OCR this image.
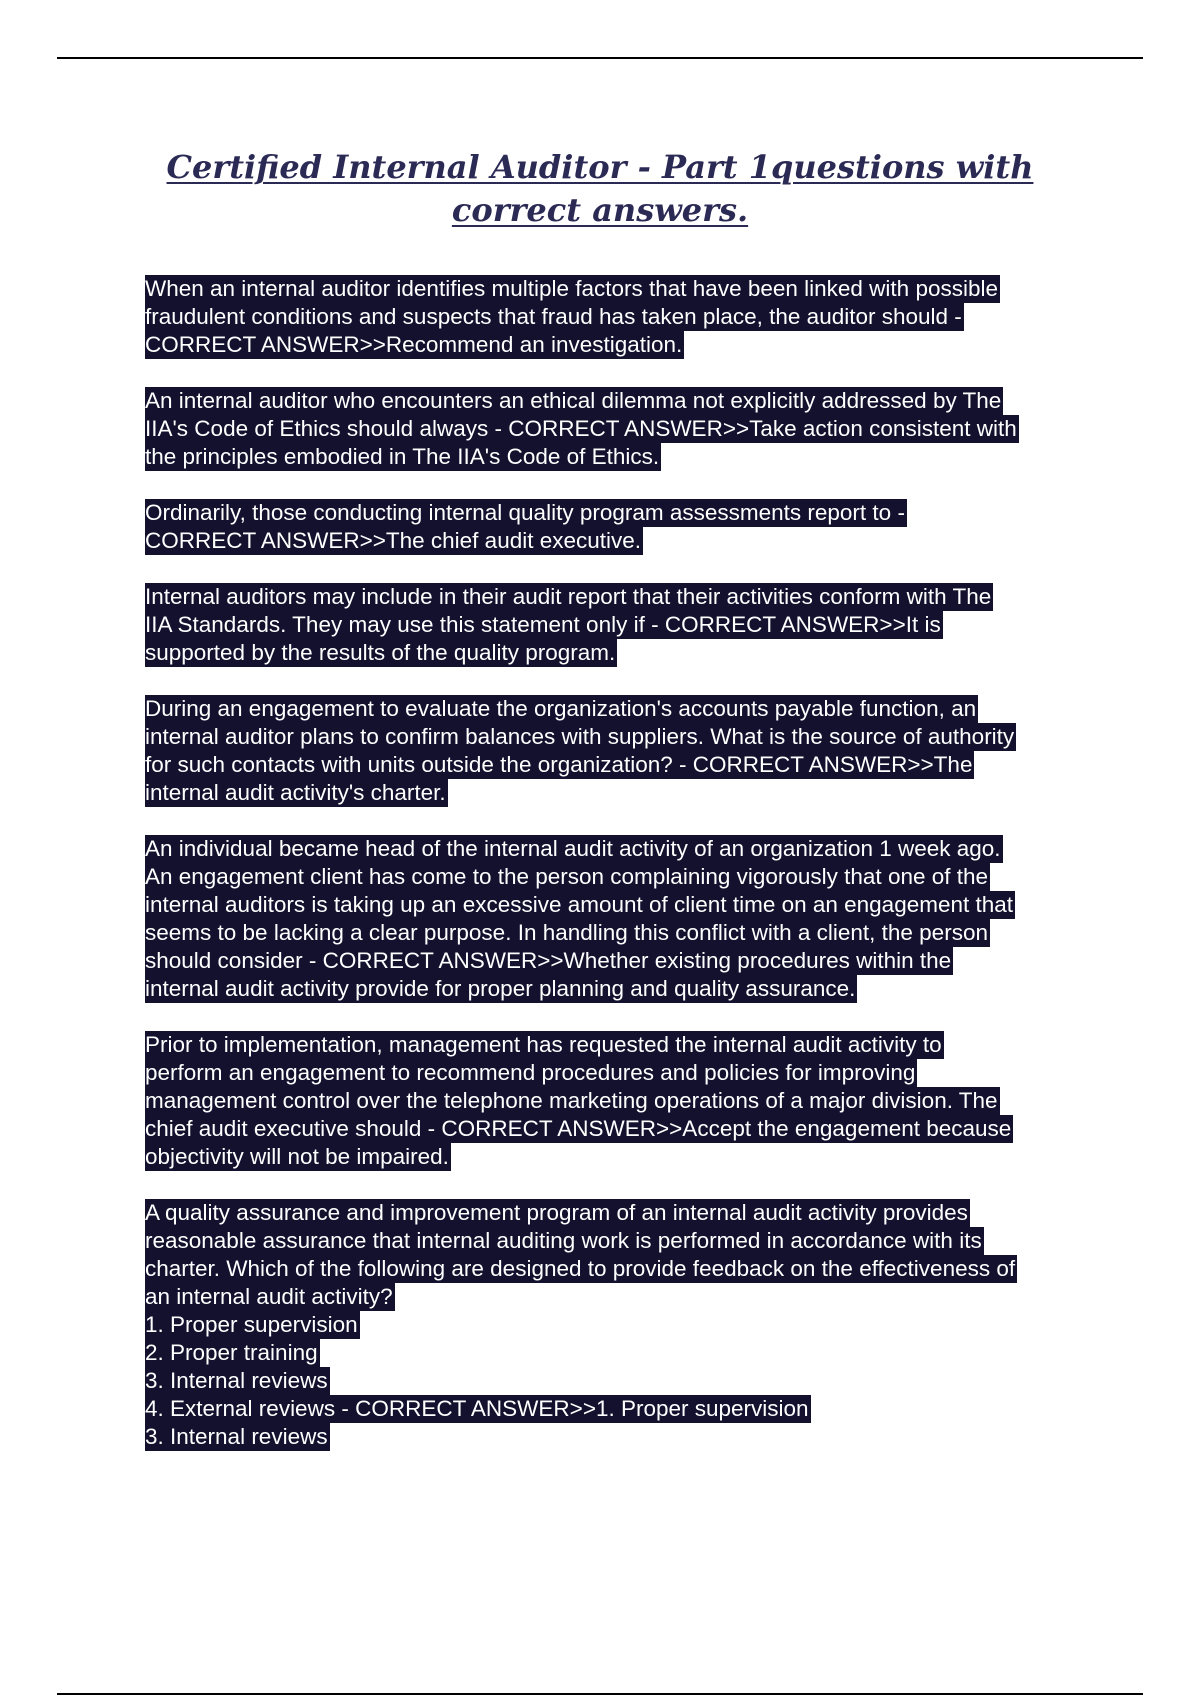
Certified Internal Auditor - Part 1questions with correct answers.
When an internal auditor identifies multiple factors that have been linked with possible
fraudulent conditions and suspects that fraud has taken place, the auditor should -
CORRECT ANSWER>>Recommend an investigation.
An internal auditor who encounters an ethical dilemma not explicitly addressed by The
IIA's Code of Ethics should always - CORRECT ANSWER>>Take action consistent with
the principles embodied in The IIA's Code of Ethics.
Ordinarily, those conducting internal quality program assessments report to -
CORRECT ANSWER>>The chief audit executive.
Internal auditors may include in their audit report that their activities conform with The
IIA Standards. They may use this statement only if - CORRECT ANSWER>>It is
supported by the results of the quality program.
During an engagement to evaluate the organization's accounts payable function, an
internal auditor plans to confirm balances with suppliers. What is the source of authority
for such contacts with units outside the organization? - CORRECT ANSWER>>The
internal audit activity's charter.
An individual became head of the internal audit activity of an organization 1 week ago.
An engagement client has come to the person complaining vigorously that one of the
internal auditors is taking up an excessive amount of client time on an engagement that
seems to be lacking a clear purpose. In handling this conflict with a client, the person
should consider - CORRECT ANSWER>>Whether existing procedures within the
internal audit activity provide for proper planning and quality assurance.
Prior to implementation, management has requested the internal audit activity to
perform an engagement to recommend procedures and policies for improving
management control over the telephone marketing operations of a major division. The
chief audit executive should - CORRECT ANSWER>>Accept the engagement because
objectivity will not be impaired.
A quality assurance and improvement program of an internal audit activity provides
reasonable assurance that internal auditing work is performed in accordance with its
charter. Which of the following are designed to provide feedback on the effectiveness of
an internal audit activity?
1. Proper supervision
2. Proper training
3. Internal reviews
4. External reviews - CORRECT ANSWER>>1. Proper supervision
3. Internal reviews
